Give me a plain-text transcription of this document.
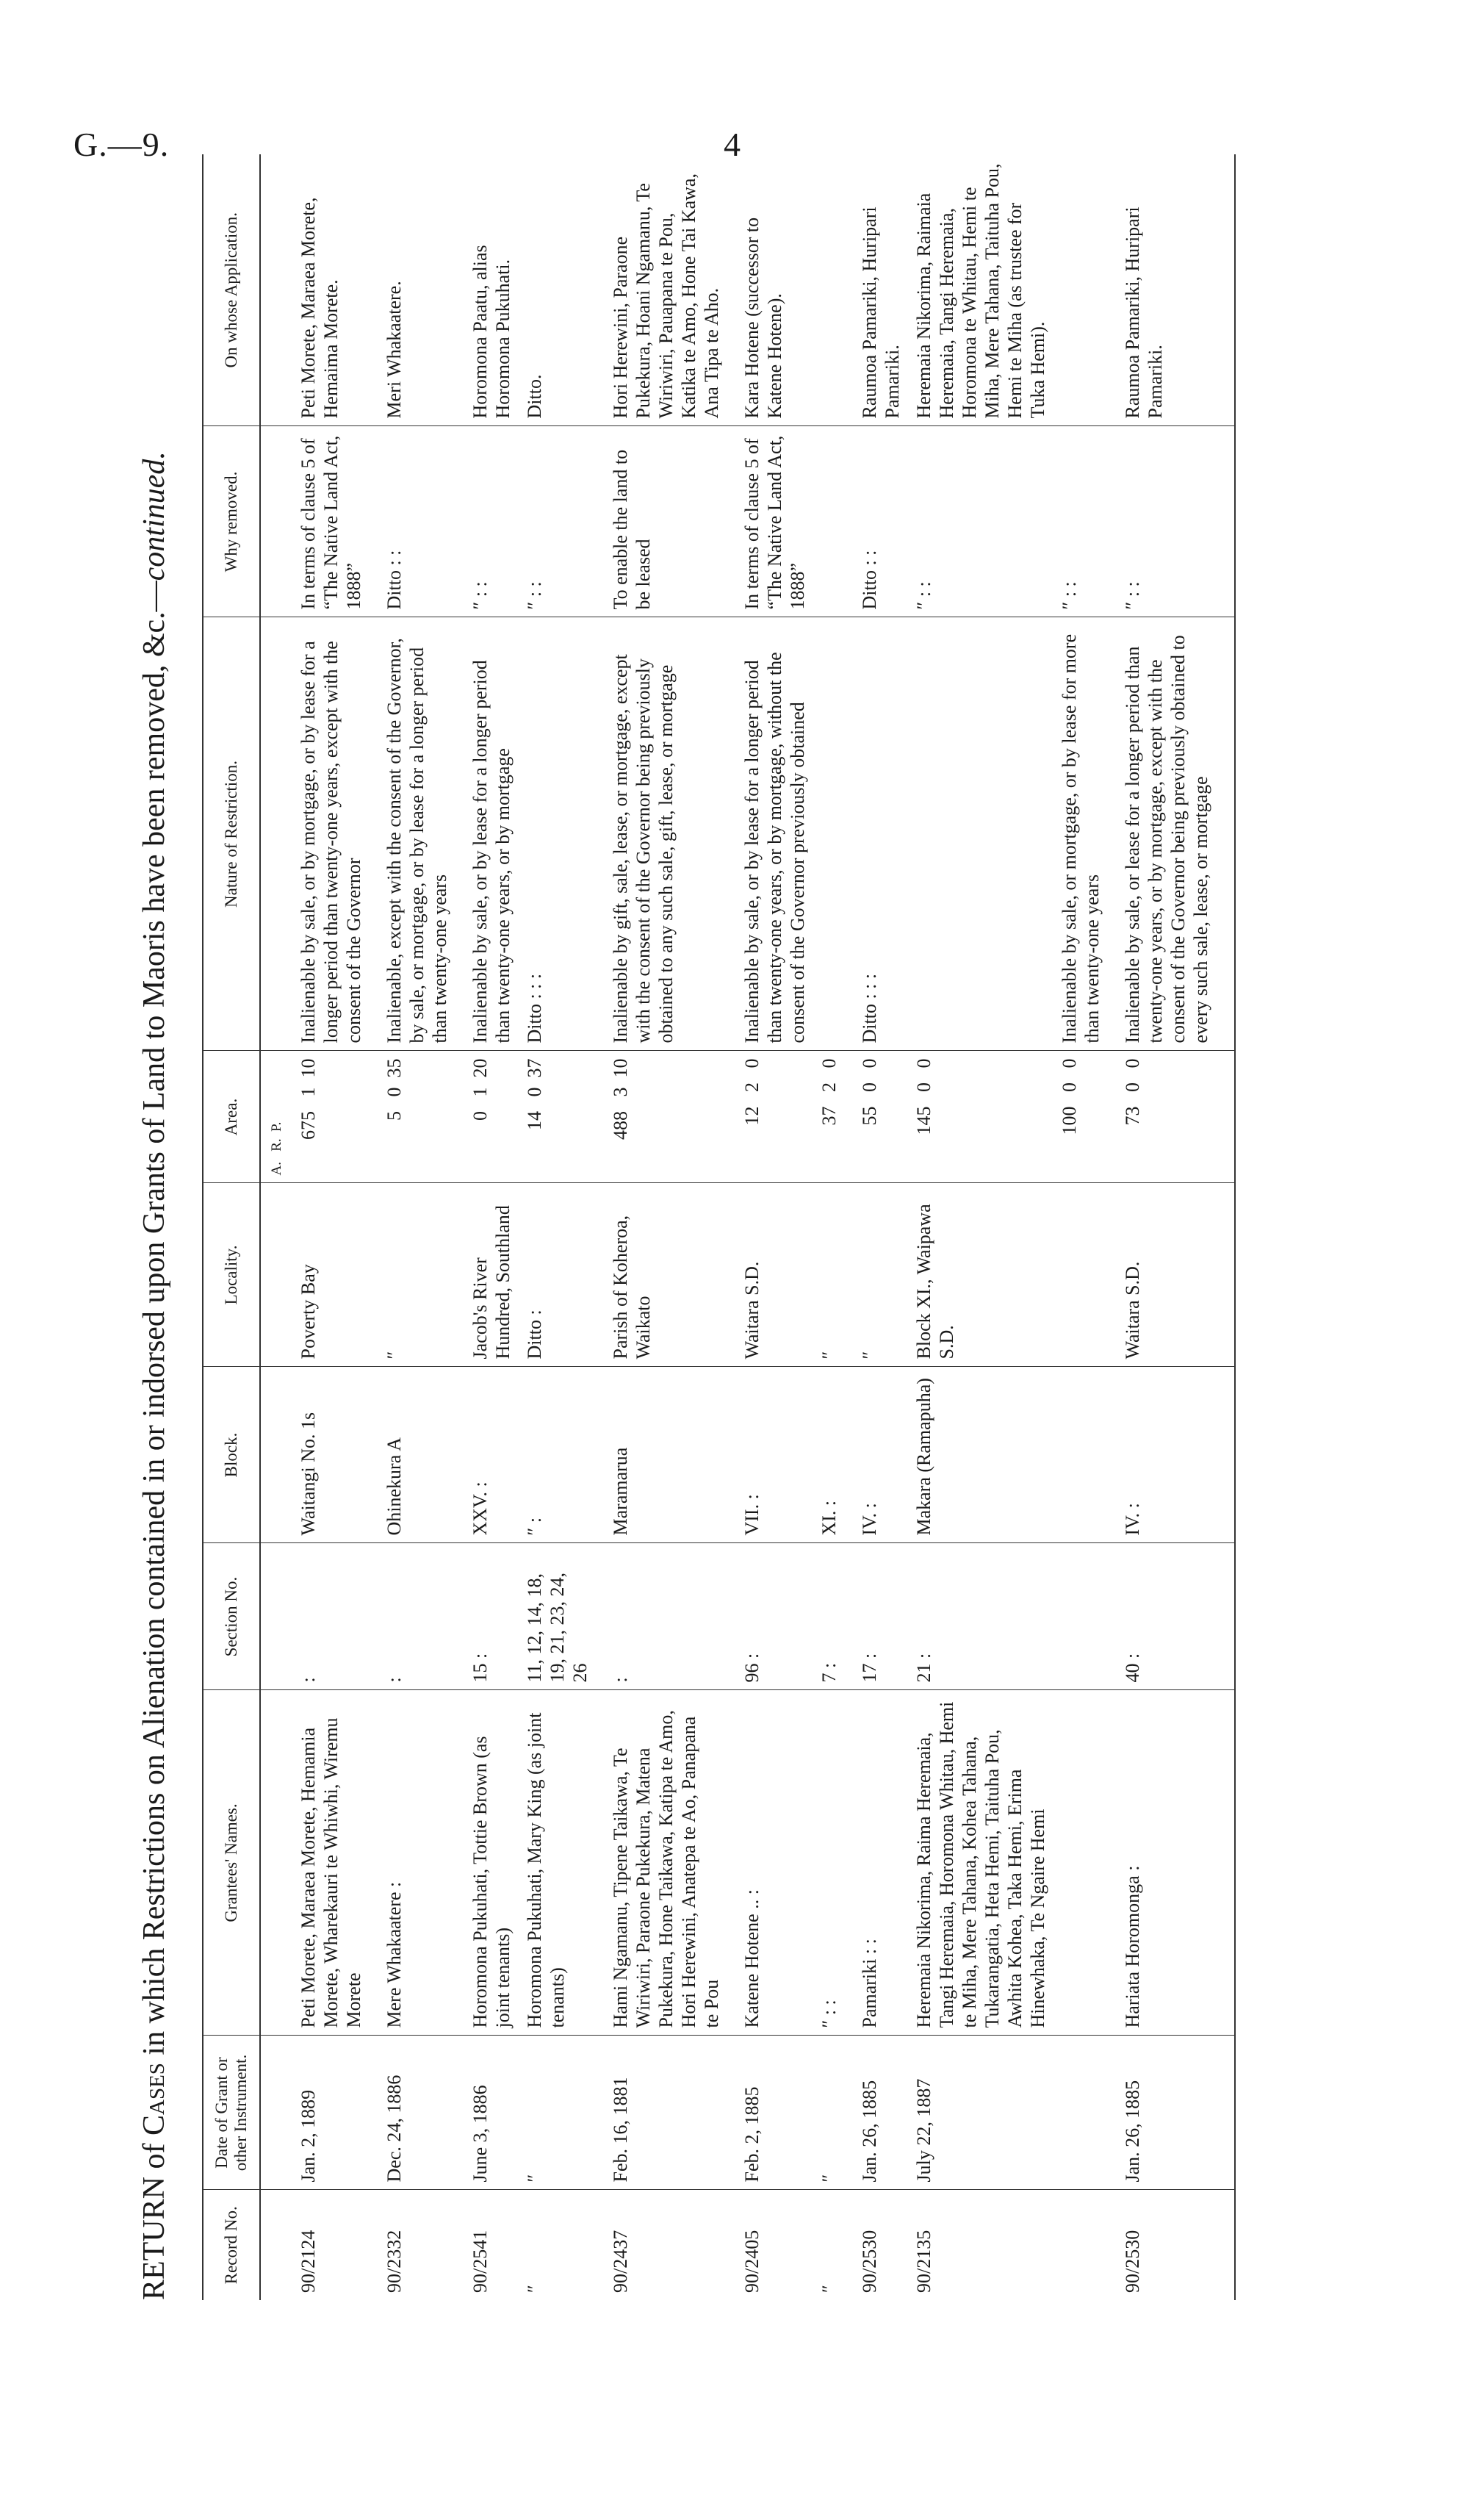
G.—9.	4
RETURN of Cases in which Restrictions on Alienation contained in or indorsed upon Grants of Land to Maoris have been removed, &c.—continued.
Record No.	Date of Grant or other Instrument.	Grantees' Names.	Section No.	Block.	Locality.	Area.	Nature of Restriction.	Why removed.	On whose Application.

						A.   R.  P.			

90/2124	Jan. 2, 1889	Peti Morete, Maraea Morete, Hemamia Morete, Wharekauri te Whiwhi, Wiremu Morete	:	Waitangi No. 1s	Poverty Bay	675   1  10	Inalienable by sale, or by mortgage, or by lease for a longer period than twenty-one years, except with the consent of the Governor	In terms of clause 5 of “The Native Land Act, 1888”	Peti Morete, Maraea Morete, Hemaima Morete.
90/2332	Dec. 24, 1886	Mere Whakaatere :	:	Ohinekura A	″	5   0  35	Inalienable, except with the consent of the Governor, by sale, or mortgage, or by lease for a longer period than twenty-one years	Ditto : :	Meri Whakaatere.
90/2541	June 3, 1886	Horomona Pukuhati, Tottie Brown (as joint tenants)	15 :	XXV. :	Jacob's River Hundred, Southland	0   1  20	Inalienable by sale, or by lease for a longer period than twenty-one years, or by mortgage	″ : :	Horomona Paatu, alias Horomona Pukuhati.
″	″	Horomona Pukuhati, Mary King (as joint tenants)	11, 12, 14, 18, 19, 21, 23, 24, 26	″ :	Ditto :	14   0  37	Ditto : : :	″ : :	Ditto.
90/2437	Feb. 16, 1881	Hami Ngamanu, Tipene Taikawa, Te Wiriwiri, Paraone Pukekura, Matena Pukekura, Hone Taikawa, Katipa te Amo, Hori Herewini, Anatepa te Ao, Panapana te Pou	:	Maramarua	Parish of Koheroa, Waikato	488   3  10	Inalienable by gift, sale, lease, or mortgage, except with the consent of the Governor being previously obtained to any such sale, gift, lease, or mortgage	To enable the land to be leased	Hori Herewini, Paraone Pukekura, Hoani Ngamanu, Te Wiriwiri, Pauapana te Pou, Katika te Amo, Hone Tai Kawa, Ana Tipa te Aho.
90/2405	Feb. 2, 1885	Katene Hotene .. :	96 :	VII. :	Waitara S.D.	12   2   0	Inalienable by sale, or by lease for a longer period than twenty-one years, or by mortgage, without the consent of the Governor previously obtained	In terms of clause 5 of “The Native Land Act, 1888”	Kara Hotene (successor to Katene Hotene).
″	″	″ : :	7 :	XI. :	″	37   2   0			
90/2530	Jan. 26, 1885	Pamariki : :	17 :	IV. :	″	55   0   0	Ditto : : :	Ditto : :	Raumoa Pamariki, Huripari Pamariki.
90/2135	July 22, 1887	Heremaia Nikorima, Raima Heremaia, Tangi Heremaia, Horomona Whitau, Hemi te Miha, Mere Tahana, Kohea Tahana, Tukarangatia, Heta Hemi, Taituha Pou, Awhita Kohea, Taka Hemi, Erima Hinewhaka, Te Ngaire Hemi	21 :	Makara (Ramapuha)	Block XI., Waipawa S.D.	145   0   0		″ : :	Heremaia Nikorima, Raimaia Heremaia, Tangi Heremaia, Horomona te Whitau, Hemi te Miha, Mere Tahana, Taituha Pou, Hemi te Miha (as trustee for Tuka Hemi).
						100   0   0	Inalienable by sale, or mortgage, or by lease for more than twenty-one years	″ : :	
90/2530	Jan. 26, 1885	Hariata Horomonga :	40 :	IV. :	Waitara S.D.	73   0   0	Inalienable by sale, or lease for a longer period than twenty-one years, or by mortgage, except with the consent of the Governor being previously obtained to every such sale, lease, or mortgage	″ : :	Raumoa Pamariki, Huripari Pamariki.
